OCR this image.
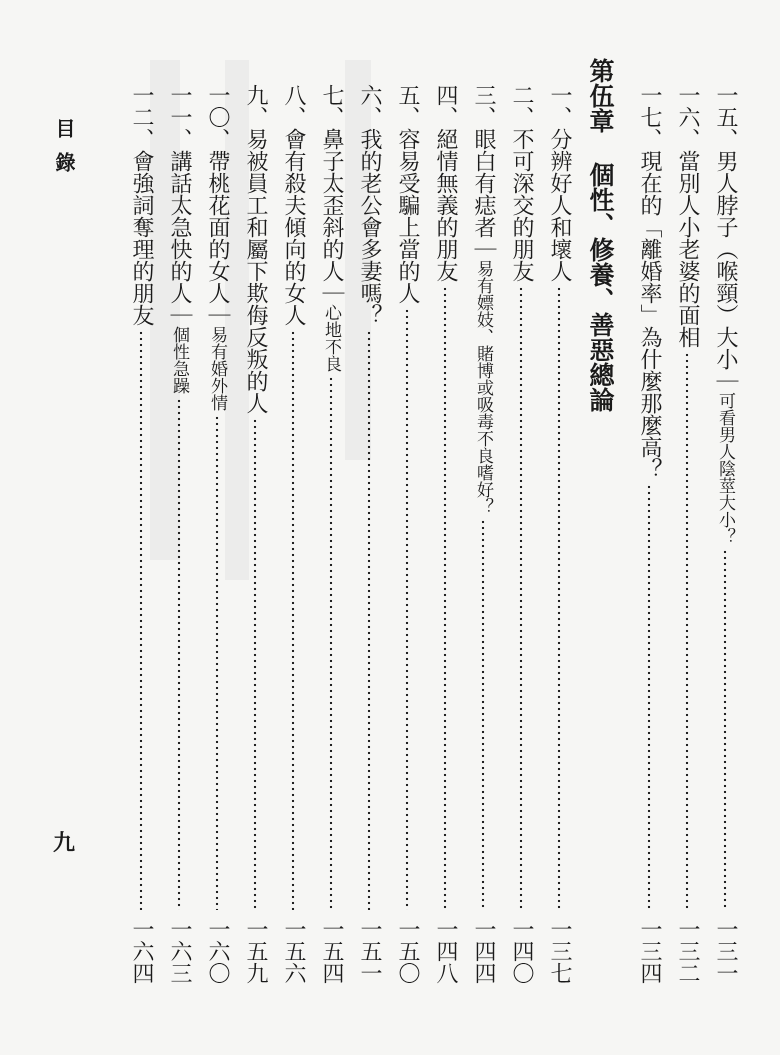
一五、男人脖子︵喉頸︶大小｜
可看男人陰莖大小？
一三一
一六、當別人小老婆的面相
一三二
一七、現在的﹁離婚率﹂為什麼那麼高？
一三四
第伍章 個性、修養、善惡總論
一、分辨好人和壞人
一三七
二、不可深交的朋友
一四〇
三、眼白有痣者｜
易有嫖妓、賭博或吸毒不良嗜好？
一四四
四、絕情無義的朋友
一四八
五、容易受騙上當的人
一五〇
六、我的老公會多妻嗎？
一五一
七、鼻子太歪斜的人｜
心地不良
一五四
八、會有殺夫傾向的女人
一五六
九、易被員工和屬下欺侮反叛的人
一五九
一〇、帶桃花面的女人｜
易有婚外情
一六〇
一一、講話太急快的人｜
個性急躁
一六三
一二、會強詞奪理的朋友
一六四
目錄
九
